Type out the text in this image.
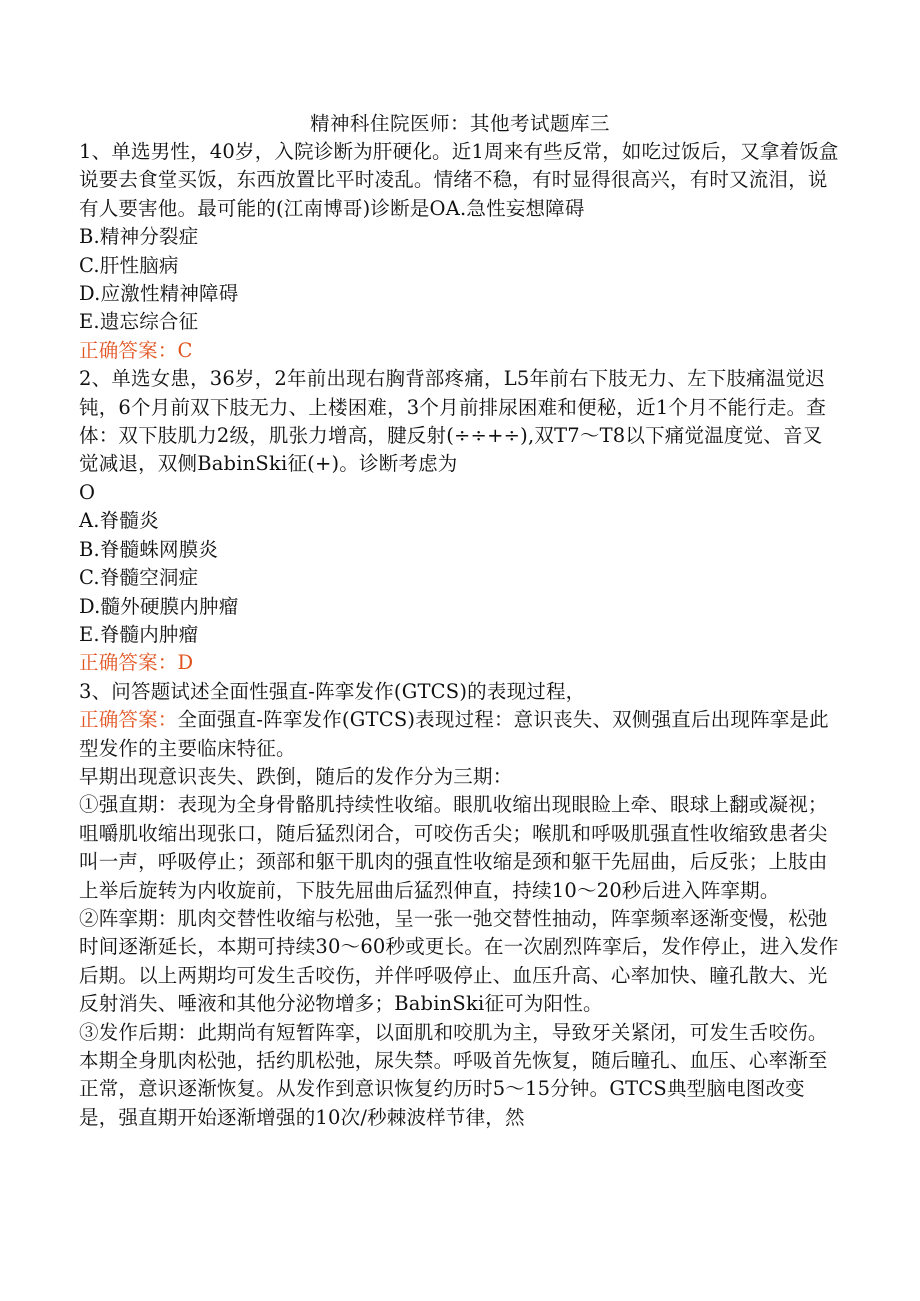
精神科住院医师：其他考试题库三

1、单选男性，40岁，入院诊断为肝硬化。近1周来有些反常，如吃过饭后，又拿着饭盒说要去食堂买饭，东西放置比平时凌乱。情绪不稳，有时显得很高兴，有时又流泪，说有人要害他。最可能的(江南博哥)诊断是OA.急性妄想障碍

B.精神分裂症

C.肝性脑病

D.应激性精神障碍

E.遗忘综合征

正确答案：C

2、单选女患，36岁，2年前出现右胸背部疼痛，L5年前右下肢无力、左下肢痛温觉迟钝，6个月前双下肢无力、上楼困难，3个月前排尿困难和便秘，近1个月不能行走。查体：双下肢肌力2级，肌张力增高，腱反射(÷÷+÷),双T7～T8以下痛觉温度觉、音叉觉减退，双侧BabinSki征(+)。诊断考虑为

O

A.脊髓炎

B.脊髓蛛网膜炎

C.脊髓空洞症

D.髓外硬膜内肿瘤

E.脊髓内肿瘤

正确答案：D

3、问答题试述全面性强直-阵挛发作(GTCS)的表现过程，

正确答案：全面强直-阵挛发作(GTCS)表现过程：意识丧失、双侧强直后出现阵挛是此型发作的主要临床特征。

早期出现意识丧失、跌倒，随后的发作分为三期：

①强直期：表现为全身骨骼肌持续性收缩。眼肌收缩出现眼睑上牵、眼球上翻或凝视；咀嚼肌收缩出现张口，随后猛烈闭合，可咬伤舌尖；喉肌和呼吸肌强直性收缩致患者尖叫一声，呼吸停止；颈部和躯干肌肉的强直性收缩是颈和躯干先屈曲，后反张；上肢由上举后旋转为内收旋前，下肢先屈曲后猛烈伸直，持续10～20秒后进入阵挛期。

②阵挛期：肌肉交替性收缩与松弛，呈一张一弛交替性抽动，阵挛频率逐渐变慢，松弛时间逐渐延长，本期可持续30～60秒或更长。在一次剧烈阵挛后，发作停止，进入发作后期。以上两期均可发生舌咬伤，并伴呼吸停止、血压升高、心率加快、瞳孔散大、光反射消失、唾液和其他分泌物增多；BabinSki征可为阳性。

③发作后期：此期尚有短暂阵挛，以面肌和咬肌为主，导致牙关紧闭，可发生舌咬伤。本期全身肌肉松弛，括约肌松弛，尿失禁。呼吸首先恢复，随后瞳孔、血压、心率渐至正常，意识逐渐恢复。从发作到意识恢复约历时5～15分钟。GTCS典型脑电图改变是，强直期开始逐渐增强的10次/秒棘波样节律，然
